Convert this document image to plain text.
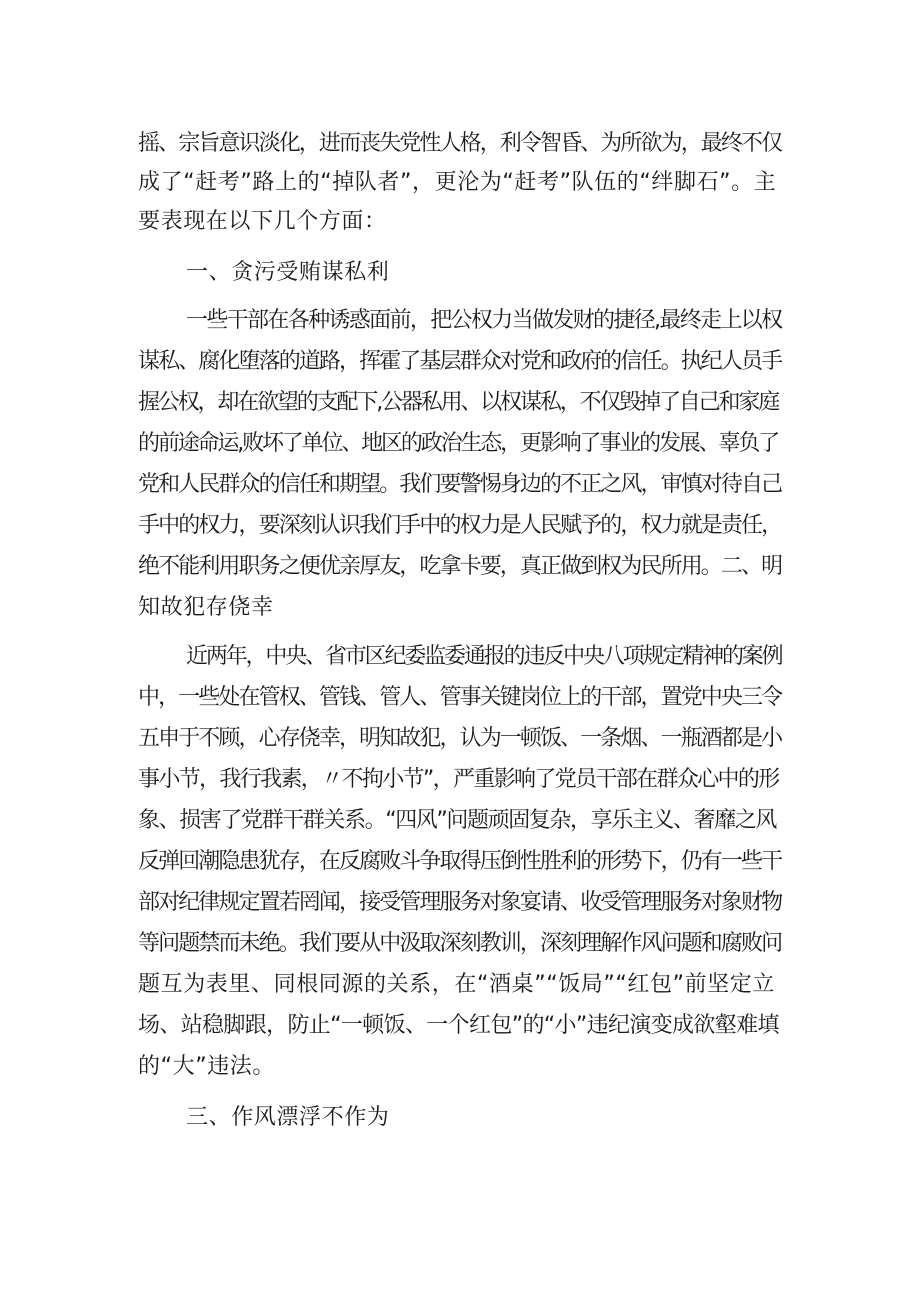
摇、宗旨意识淡化，进而丧失党性人格，利令智昏、为所欲为，最终不仅
成了“赶考”路上的“掉队者”，更沦为“赶考”队伍的“绊脚石”。主
要表现在以下几个方面：
一、贪污受贿谋私利
一些干部在各种诱惑面前，把公权力当做发财的捷径,最终走上以权
谋私、腐化堕落的道路，挥霍了基层群众对党和政府的信任。执纪人员手
握公权，却在欲望的支配下,公器私用、以权谋私，不仅毁掉了自己和家庭
的前途命运,败坏了单位、地区的政治生态，更影响了事业的发展、辜负了
党和人民群众的信任和期望。我们要警惕身边的不正之风，审慎对待自己
手中的权力，要深刻认识我们手中的权力是人民赋予的，权力就是责任，
绝不能利用职务之便优亲厚友，吃拿卡要，真正做到权为民所用。二、明
知故犯存侥幸
近两年，中央、省市区纪委监委通报的违反中央八项规定精神的案例
中，一些处在管权、管钱、管人、管事关键岗位上的干部，置党中央三令
五申于不顾，心存侥幸，明知故犯，认为一顿饭、一条烟、一瓶酒都是小
事小节，我行我素，〃不拘小节”，严重影响了党员干部在群众心中的形
象、损害了党群干群关系。“四风”问题顽固复杂，享乐主义、奢靡之风
反弹回潮隐患犹存，在反腐败斗争取得压倒性胜利的形势下，仍有一些干
部对纪律规定置若罔闻，接受管理服务对象宴请、收受管理服务对象财物
等问题禁而未绝。我们要从中汲取深刻教训，深刻理解作风问题和腐败问
题互为表里、同根同源的关系，在“酒桌”“饭局”“红包”前坚定立
场、站稳脚跟，防止“一顿饭、一个红包”的“小”违纪演变成欲壑难填
的“大”违法。
三、作风漂浮不作为
